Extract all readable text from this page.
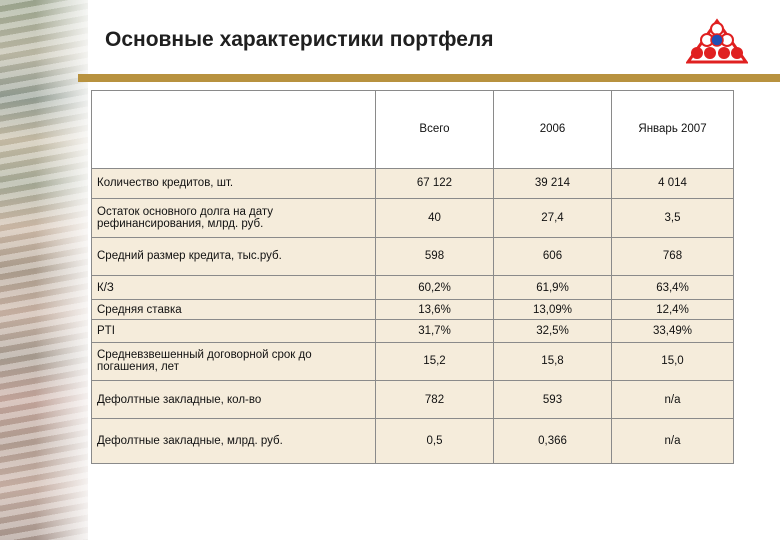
Основные характеристики портфеля
	Всего	2006	Январь 2007
Количество кредитов, шт.	67 122	39 214	4 014
Остаток основного долга на дату рефинансирования, млрд. руб.	40	27,4	3,5
Средний размер кредита, тыс.руб.	598	606	768
К/З	60,2%	61,9%	63,4%
Средняя ставка	13,6%	13,09%	12,4%
PTI	31,7%	32,5%	33,49%
Средневзвешенный договорной срок до погашения, лет	15,2	15,8	15,0
Дефолтные закладные, кол-во	782	593	n/a
Дефолтные закладные, млрд. руб.	0,5	0,366	n/a
